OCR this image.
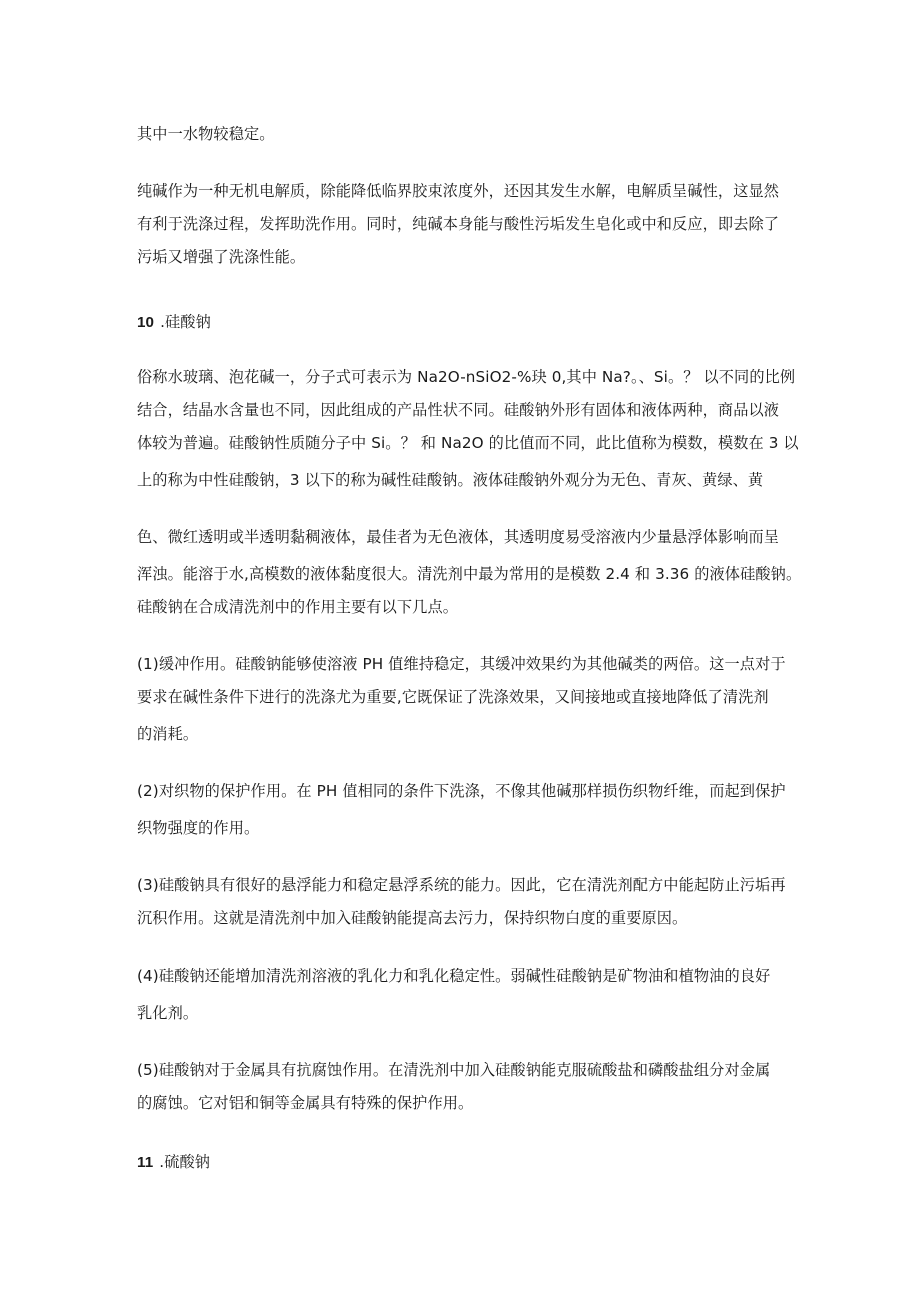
其中一水物较稳定。

纯碱作为一种无机电解质，除能降低临界胶束浓度外，还因其发生水解，电解质呈碱性，这显然

有利于洗涤过程，发挥助洗作用。同时，纯碱本身能与酸性污垢发生皂化或中和反应，即去除了

污垢又增强了洗涤性能。

10 .硅酸钠

俗称水玻璃、泡花碱一，分子式可表示为 Na2O-nSiO2-%玦 0,其中 Na?。、Si。？ 以不同的比例

结合，结晶水含量也不同，因此组成的产品性状不同。硅酸钠外形有固体和液体两种，商品以液

体较为普遍。硅酸钠性质随分子中 Si。？ 和 Na2O 的比值而不同，此比值称为模数，模数在 3 以

上的称为中性硅酸钠，3 以下的称为碱性硅酸钠。液体硅酸钠外观分为无色、青灰、黄绿、黄

色、微红透明或半透明黏稠液体，最佳者为无色液体，其透明度易受溶液内少量悬浮体影响而呈

浑浊。能溶于水,高模数的液体黏度很大。清洗剂中最为常用的是模数 2.4 和 3.36 的液体硅酸钠。

硅酸钠在合成清洗剂中的作用主要有以下几点。

(1)缓冲作用。硅酸钠能够使溶液 PH 值维持稳定，其缓冲效果约为其他碱类的两倍。这一点对于

要求在碱性条件下进行的洗涤尤为重要,它既保证了洗涤效果，又间接地或直接地降低了清洗剂

的消耗。

(2)对织物的保护作用。在 PH 值相同的条件下洗涤，不像其他碱那样损伤织物纤维，而起到保护

织物强度的作用。

(3)硅酸钠具有很好的悬浮能力和稳定悬浮系统的能力。因此，它在清洗剂配方中能起防止污垢再

沉积作用。这就是清洗剂中加入硅酸钠能提高去污力，保持织物白度的重要原因。

(4)硅酸钠还能增加清洗剂溶液的乳化力和乳化稳定性。弱碱性硅酸钠是矿物油和植物油的良好

乳化剂。

(5)硅酸钠对于金属具有抗腐蚀作用。在清洗剂中加入硅酸钠能克服硫酸盐和磷酸盐组分对金属

的腐蚀。它对铝和铜等金属具有特殊的保护作用。

11 .硫酸钠
